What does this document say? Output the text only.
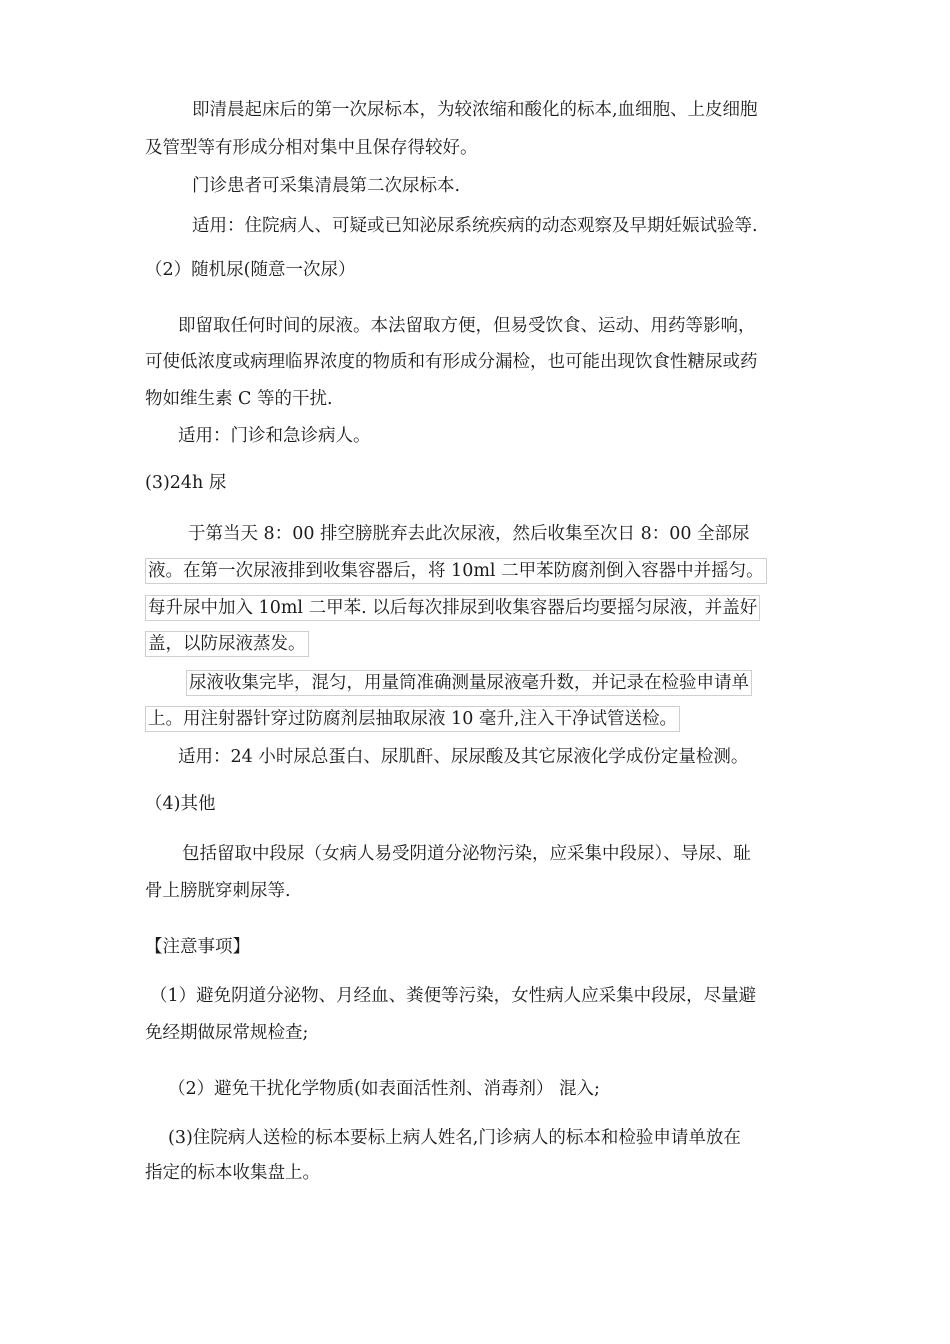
即清晨起床后的第一次尿标本，为较浓缩和酸化的标本,血细胞、上皮细胞
及管型等有形成分相对集中且保存得较好。
门诊患者可采集清晨第二次尿标本.
适用：住院病人、可疑或已知泌尿系统疾病的动态观察及早期妊娠试验等.
（2）随机尿(随意一次尿）
即留取任何时间的尿液。本法留取方便，但易受饮食、运动、用药等影响，
可使低浓度或病理临界浓度的物质和有形成分漏检，也可能出现饮食性糖尿或药
物如维生素 C 等的干扰.
适用：门诊和急诊病人。
(3)24h 尿
于第当天 8：00 排空膀胱弃去此次尿液，然后收集至次日 8：00 全部尿
液。在第一次尿液排到收集容器后，将 10ml 二甲苯防腐剂倒入容器中并摇匀。
每升尿中加入 10ml 二甲苯. 以后每次排尿到收集容器后均要摇匀尿液，并盖好
盖，以防尿液蒸发。
尿液收集完毕，混匀，用量筒准确测量尿液毫升数，并记录在检验申请单
上。用注射器针穿过防腐剂层抽取尿液 10 毫升,注入干净试管送检。
适用：24 小时尿总蛋白、尿肌酐、尿尿酸及其它尿液化学成份定量检测。
（4)其他
包括留取中段尿（女病人易受阴道分泌物污染，应采集中段尿）、导尿、耻
骨上膀胱穿刺尿等.
【注意事项】
（1）避免阴道分泌物、月经血、粪便等污染，女性病人应采集中段尿，尽量避
免经期做尿常规检查;
（2）避免干扰化学物质(如表面活性剂、消毒剂） 混入;
(3)住院病人送检的标本要标上病人姓名,门诊病人的标本和检验申请单放在
指定的标本收集盘上。
